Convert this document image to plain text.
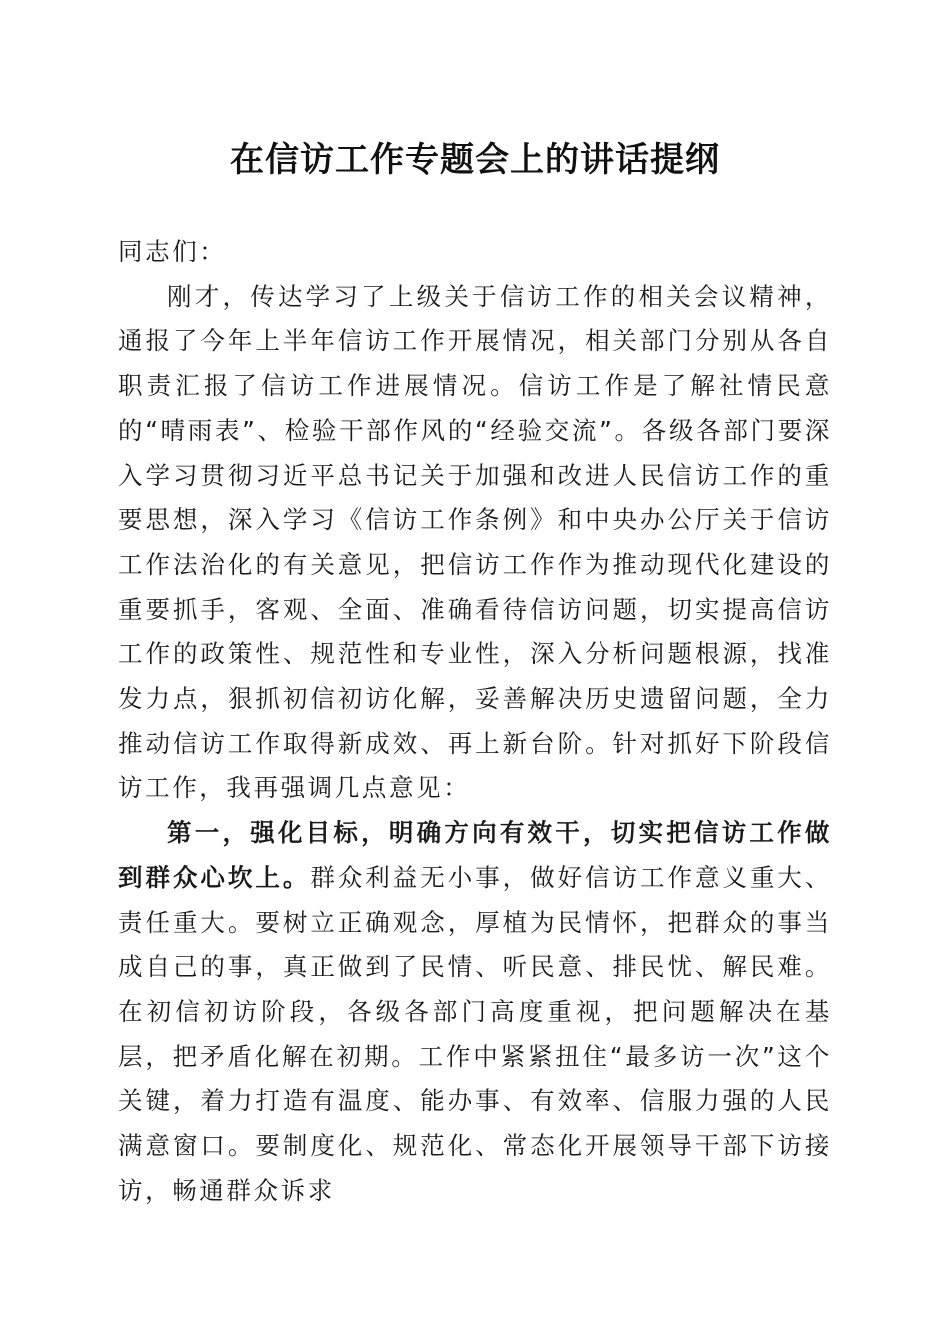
在信访工作专题会上的讲话提纲

同志们：

刚才，传达学习了上级关于信访工作的相关会议精神，通报了今年上半年信访工作开展情况，相关部门分别从各自职责汇报了信访工作进展情况。信访工作是了解社情民意的“晴雨表”、检验干部作风的“经验交流”。各级各部门要深入学习贯彻习近平总书记关于加强和改进人民信访工作的重要思想，深入学习《信访工作条例》和中央办公厅关于信访工作法治化的有关意见，把信访工作作为推动现代化建设的重要抓手，客观、全面、准确看待信访问题，切实提高信访工作的政策性、规范性和专业性，深入分析问题根源，找准发力点，狠抓初信初访化解，妥善解决历史遗留问题，全力推动信访工作取得新成效、再上新台阶。针对抓好下阶段信访工作，我再强调几点意见：

第一，强化目标，明确方向有效干，切实把信访工作做到群众心坎上。群众利益无小事，做好信访工作意义重大、责任重大。要树立正确观念，厚植为民情怀，把群众的事当成自己的事，真正做到了民情、听民意、排民忧、解民难。在初信初访阶段，各级各部门高度重视，把问题解决在基层，把矛盾化解在初期。工作中紧紧扭住“最多访一次”这个关键，着力打造有温度、能办事、有效率、信服力强的人民满意窗口。要制度化、规范化、常态化开展领导干部下访接访，畅通群众诉求
